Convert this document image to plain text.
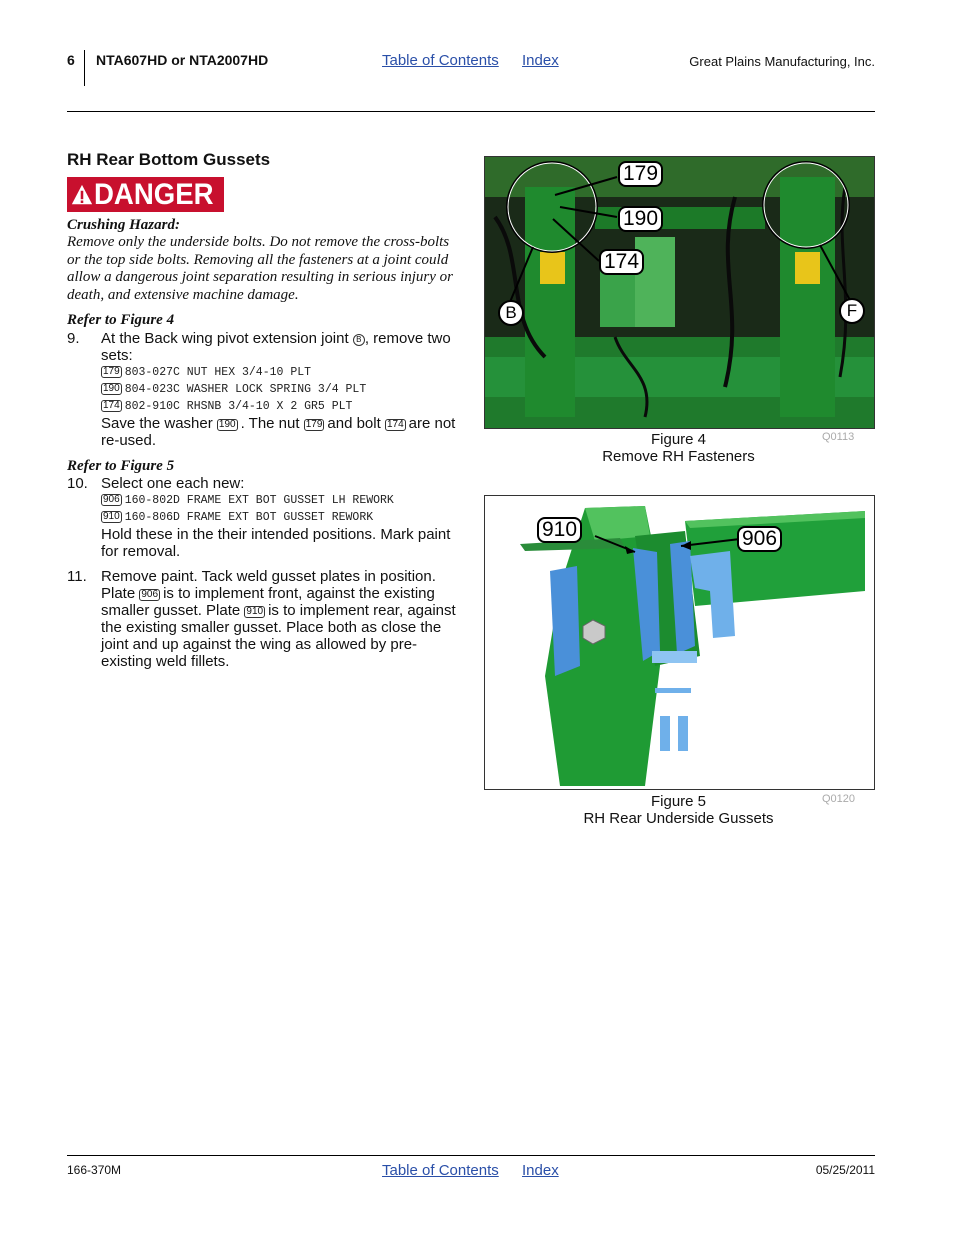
6 NTA607HD or NTA2007HD	Table of Contents Index	Great Plains Manufacturing, Inc.
RH Rear Bottom Gussets
DANGER
Crushing Hazard:
Remove only the underside bolts. Do not remove the cross-bolts or the top side bolts. Removing all the fasteners at a joint could allow a dangerous joint separation resulting in serious injury or death, and extensive machine damage.
Refer to Figure 4
9. At the Back wing pivot extension joint B , remove two sets:
179 803-027C NUT HEX 3/4-10 PLT
190 804-023C WASHER LOCK SPRING 3/4 PLT
174 802-910C RHSNB 3/4-10 X 2 GR5 PLT
Save the washer 190 . The nut 179 and bolt 174 are not re-used.
Refer to Figure 5
10. Select one each new:
906 160-802D FRAME EXT BOT GUSSET LH REWORK
910 160-806D FRAME EXT BOT GUSSET REWORK
Hold these in the their intended positions. Mark paint for removal.
11. Remove paint. Tack weld gusset plates in position. Plate 906 is to implement front, against the existing smaller gusset. Plate 910 is to implement rear, against the existing smaller gusset. Place both as close the joint and up against the wing as allowed by pre-existing weld fillets.
179
190
174
B	F
Figure 4
Remove RH Fasteners
Q0113
910	906
Figure 5
RH Rear Underside Gussets
Q0120
166-370M	Table of Contents Index	05/25/2011
